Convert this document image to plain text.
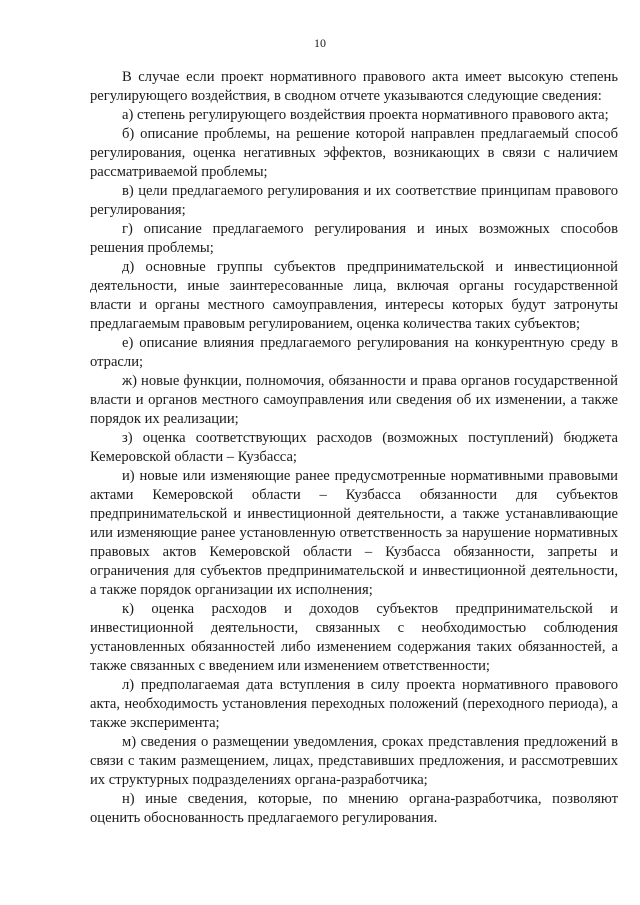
10

В случае если проект нормативного правового акта имеет высокую степень регулирующего воздействия, в сводном отчете указываются следующие сведения:

а) степень регулирующего воздействия проекта нормативного правового акта;

б) описание проблемы, на решение которой направлен предлагаемый способ регулирования, оценка негативных эффектов, возникающих в связи с наличием рассматриваемой проблемы;

в) цели предлагаемого регулирования и их соответствие принципам правового регулирования;

г) описание предлагаемого регулирования и иных возможных способов решения проблемы;

д) основные группы субъектов предпринимательской и инвестиционной деятельности, иные заинтересованные лица, включая органы государственной власти и органы местного самоуправления, интересы которых будут затронуты предлагаемым правовым регулированием, оценка количества таких субъектов;

е) описание влияния предлагаемого регулирования на конкурентную среду в отрасли;

ж) новые функции, полномочия, обязанности и права органов государственной власти и органов местного самоуправления или сведения об их изменении, а также порядок их реализации;

з) оценка соответствующих расходов (возможных поступлений) бюджета Кемеровской области – Кузбасса;

и) новые или изменяющие ранее предусмотренные нормативными правовыми актами Кемеровской области – Кузбасса обязанности для субъектов предпринимательской и инвестиционной деятельности, а также устанавливающие или изменяющие ранее установленную ответственность за нарушение нормативных правовых актов Кемеровской области – Кузбасса обязанности, запреты и ограничения для субъектов предпринимательской и инвестиционной деятельности, а также порядок организации их исполнения;

к) оценка расходов и доходов субъектов предпринимательской и инвестиционной деятельности, связанных с необходимостью соблюдения установленных обязанностей либо изменением содержания таких обязанностей, а также связанных с введением или изменением ответственности;

л) предполагаемая дата вступления в силу проекта нормативного правового акта, необходимость установления переходных положений (переходного периода), а также эксперимента;

м) сведения о размещении уведомления, сроках представления предложений в связи с таким размещением, лицах, представивших предложения, и рассмотревших их структурных подразделениях органа-разработчика;

н) иные сведения, которые, по мнению органа-разработчика, позволяют оценить обоснованность предлагаемого регулирования.
